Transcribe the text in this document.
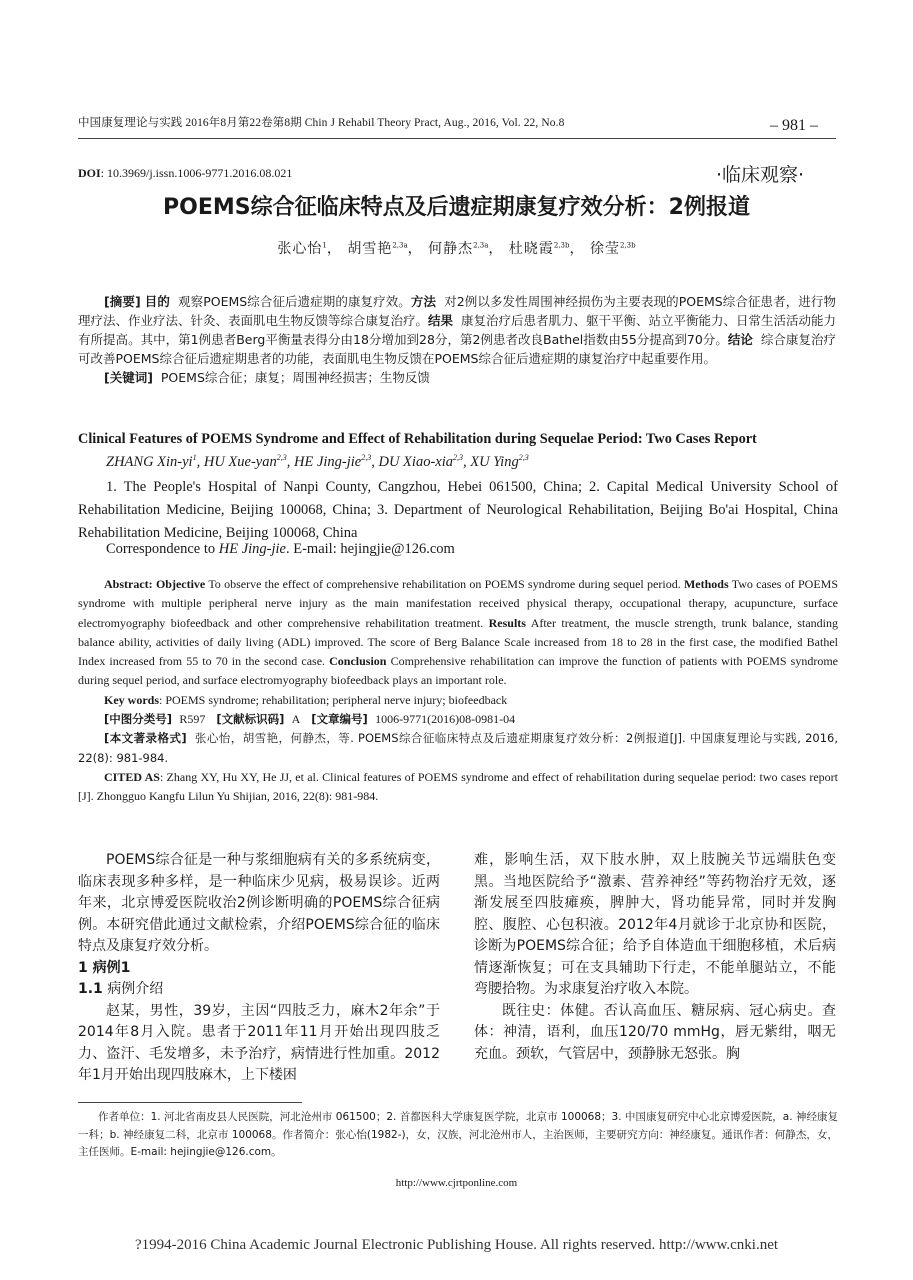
中国康复理论与实践 2016年8月第22卷第8期 Chin J Rehabil Theory Pract, Aug., 2016, Vol. 22, No.8	– 981 –
DOI: 10.3969/j.issn.1006-9771.2016.08.021	·临床观察·
POEMS综合征临床特点及后遗症期康复疗效分析：2例报道
张心怡$^1$， 胡雪艳$^{2,3a}$， 何静杰$^{2,3a}$， 杜晓霞$^{2,3b}$， 徐莹$^{2,3b}$

[摘要] 目的 观察POEMS综合征后遗症期的康复疗效。方法 对2例以多发性周围神经损伤为主要表现的POEMS综合征患者，进行物理疗法、作业疗法、针灸、表面肌电生物反馈等综合康复治疗。结果 康复治疗后患者肌力、躯干平衡、站立平衡能力、日常生活活动能力有所提高。其中，第1例患者Berg平衡量表得分由18分增加到28分，第2例患者改良Bathel指数由55分提高到70分。结论 综合康复治疗可改善POEMS综合征后遗症期患者的功能，表面肌电生物反馈在POEMS综合征后遗症期的康复治疗中起重要作用。

[关键词] POEMS综合征；康复；周围神经损害；生物反馈

Clinical Features of POEMS Syndrome and Effect of Rehabilitation during Sequelae Period: Two Cases Report
ZHANG Xin-$yi^1$, HU Xue-yan$^{2,3}$, HE Jing-jie$^{2,3}$, DU Xiao-xia$^{2,3}$, XU Ying$^{2,3}$
1. The People's Hospital of Nanpi County, Cangzhou, Hebei 061500, China; 2. Capital Medical University School of Rehabilitation Medicine, Beijing 100068, China; 3. Department of Neurological Rehabilitation, Beijing Bo'ai Hospital, China Rehabilitation Medicine, Beijing 100068, China
Correspondence to HE Jing-jie. E-mail: hejingjie@126.com

Abstract: Objective To observe the effect of comprehensive rehabilitation on POEMS syndrome during sequel period. Methods Two cases of POEMS syndrome with multiple peripheral nerve injury as the main manifestation received physical therapy, occupational therapy, acupuncture, surface electromyography biofeedback and other comprehensive rehabilitation treatment. Results After treatment, the muscle strength, trunk balance, standing balance ability, activities of daily living (ADL) improved. The score of Berg Balance Scale increased from 18 to 28 in the first case, the modified Bathel Index increased from 55 to 70 in the second case. Conclusion Comprehensive rehabilitation can improve the function of patients with POEMS syndrome during sequel period, and surface electromyography biofeedback plays an important role.

Key words: POEMS syndrome; rehabilitation; peripheral nerve injury; biofeedback

[中图分类号] R597 [文献标识码] A [文章编号] 1006-9771(2016)08-0981-04

[本文著录格式] 张心怡，胡雪艳，何静杰，等. POEMS综合征临床特点及后遗症期康复疗效分析：2例报道[J]. 中国康复理论与实践, 2016, 22(8): 981-984.

CITED AS: Zhang XY, Hu XY, He JJ, et al. Clinical features of POEMS syndrome and effect of rehabilitation during sequelae period: two cases report [J]. Zhongguo Kangfu Lilun Yu Shijian, 2016, 22(8): 981-984.

POEMS综合征是一种与浆细胞病有关的多系统病变，临床表现多种多样，是一种临床少见病，极易误诊。近两年来，北京博爱医院收治2例诊断明确的POEMS综合征病例。本研究借此通过文献检索，介绍POEMS综合征的临床特点及康复疗效分析。

1 病例1
1.1 病例介绍

赵某，男性，39岁，主因“四肢乏力，麻木2年余”于2014年8月入院。患者于2011年11月开始出现四肢乏力、盗汗、毛发增多，未予治疗，病情进行性加重。2012年1月开始出现四肢麻木，上下楼困

难，影响生活，双下肢水肿，双上肢腕关节远端肤色变黑。当地医院给予“激素、营养神经”等药物治疗无效，逐渐发展至四肢瘫痪，脾肿大，肾功能异常，同时并发胸腔、腹腔、心包积液。2012年4月就诊于北京协和医院，诊断为POEMS综合征；给予自体造血干细胞移植，术后病情逐渐恢复；可在支具辅助下行走，不能单腿站立，不能弯腰拾物。为求康复治疗收入本院。

既往史：体健。否认高血压、糖尿病、冠心病史。查体：神清，语利，血压120/70 mmHg，唇无紫绀，咽无充血。颈软，气管居中，颈静脉无怒张。胸

作者单位：1. 河北省南皮县人民医院，河北沧州市 061500；2. 首都医科大学康复医学院，北京市 100068；3. 中国康复研究中心北京博爱医院，a. 神经康复一科；b. 神经康复二科，北京市 100068。作者简介：张心怡(1982-)，女，汉族，河北沧州市人，主治医师，主要研究方向：神经康复。通讯作者：何静杰，女，主任医师。E-mail: hejingjie@126.com。
http://www.cjrtponline.com
?1994-2016 China Academic Journal Electronic Publishing House. All rights reserved. http://www.cnki.net
